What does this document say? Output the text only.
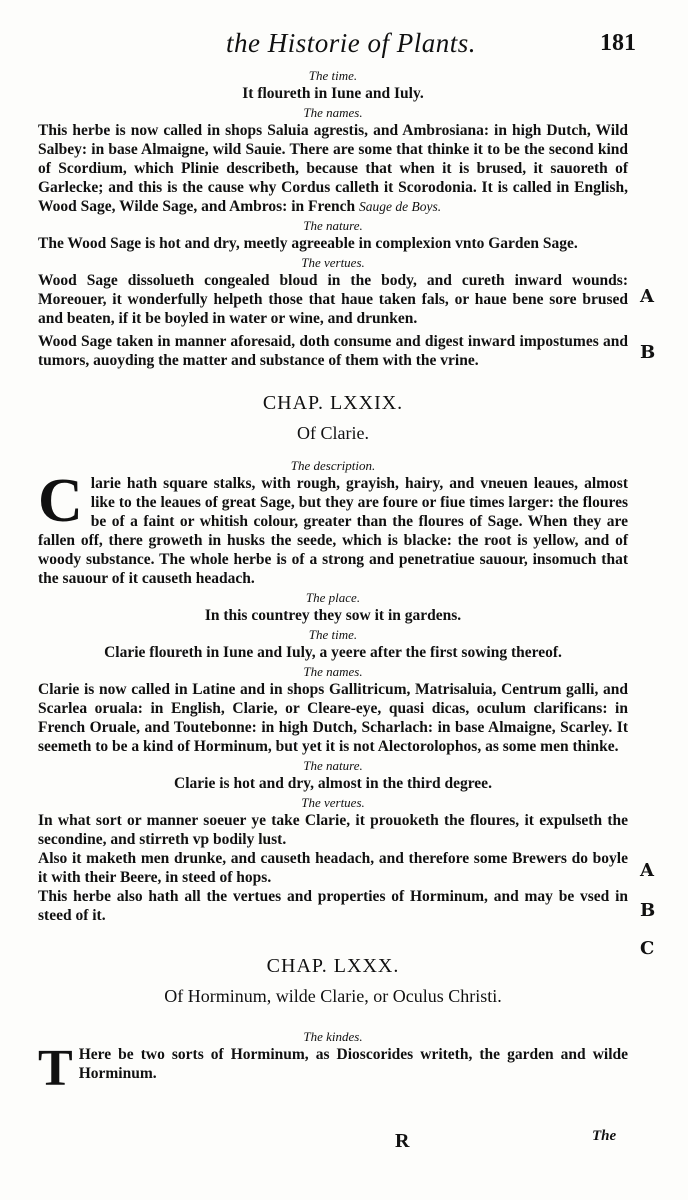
the Historie of Plants.	181
The time.
It floureth in Iune and Iuly.
The names.

This herbe is now called in shops Saluia agrestis, and Ambrosiana: in high Dutch, Wild Salbey: in base Almaigne, wild Sauie. There are some that thinke it to be the second kind of Scordium, which Plinie describeth, because that when it is brused, it sauoreth of Garlecke; and this is the cause why Cordus calleth it Scorodonia. It is called in English, Wood Sage, Wilde Sage, and Ambros: in French Sauge de Boys.

The nature.

The Wood Sage is hot and dry, meetly agreeable in complexion vnto Garden Sage.

The vertues.

Wood Sage dissolueth congealed bloud in the body, and cureth inward wounds: Moreouer, it wonderfully helpeth those that haue taken fals, or haue bene sore brused and beaten, if it be boyled in water or wine, and drunken.

Wood Sage taken in manner aforesaid, doth consume and digest inward impostumes and tumors, auoyding the matter and substance of them with the vrine.

CHAP. LXXIX.
Of Clarie.
The description.

C larie hath square stalks, with rough, grayish, hairy, and vneuen leaues, almost like to the leaues of great Sage, but they are foure or fiue times larger: the floures be of a faint or whitish colour, greater than the floures of Sage. When they are fallen off, there groweth in husks the seede, which is blacke: the root is yellow, and of woody substance. The whole herbe is of a strong and penetratiue sauour, insomuch that the sauour of it causeth headach.

The place.
In this countrey they sow it in gardens.
The time.
Clarie floureth in Iune and Iuly, a yeere after the first sowing thereof.
The names.

Clarie is now called in Latine and in shops Gallitricum, Matrisaluia, Centrum galli, and Scarlea oruala: in English, Clarie, or Cleare-eye, quasi dicas, oculum clarificans: in French Oruale, and Toutebonne: in high Dutch, Scharlach: in base Almaigne, Scarley. It seemeth to be a kind of Horminum, but yet it is not Alectorolophos, as some men thinke.

The nature.
Clarie is hot and dry, almost in the third degree.
The vertues.

In what sort or manner soeuer ye take Clarie, it prouoketh the floures, it expulseth the secondine, and stirreth vp bodily lust.

Also it maketh men drunke, and causeth headach, and therefore some Brewers do boyle it with their Beere, in steed of hops.

This herbe also hath all the vertues and properties of Horminum, and may be vsed in steed of it.

CHAP. LXXX.
Of Horminum, wilde Clarie, or Oculus Christi.
The kindes.

T Here be two sorts of Horminum, as Dioscorides writeth, the garden and wilde Horminum.

A
B
A
B
C
R	The
